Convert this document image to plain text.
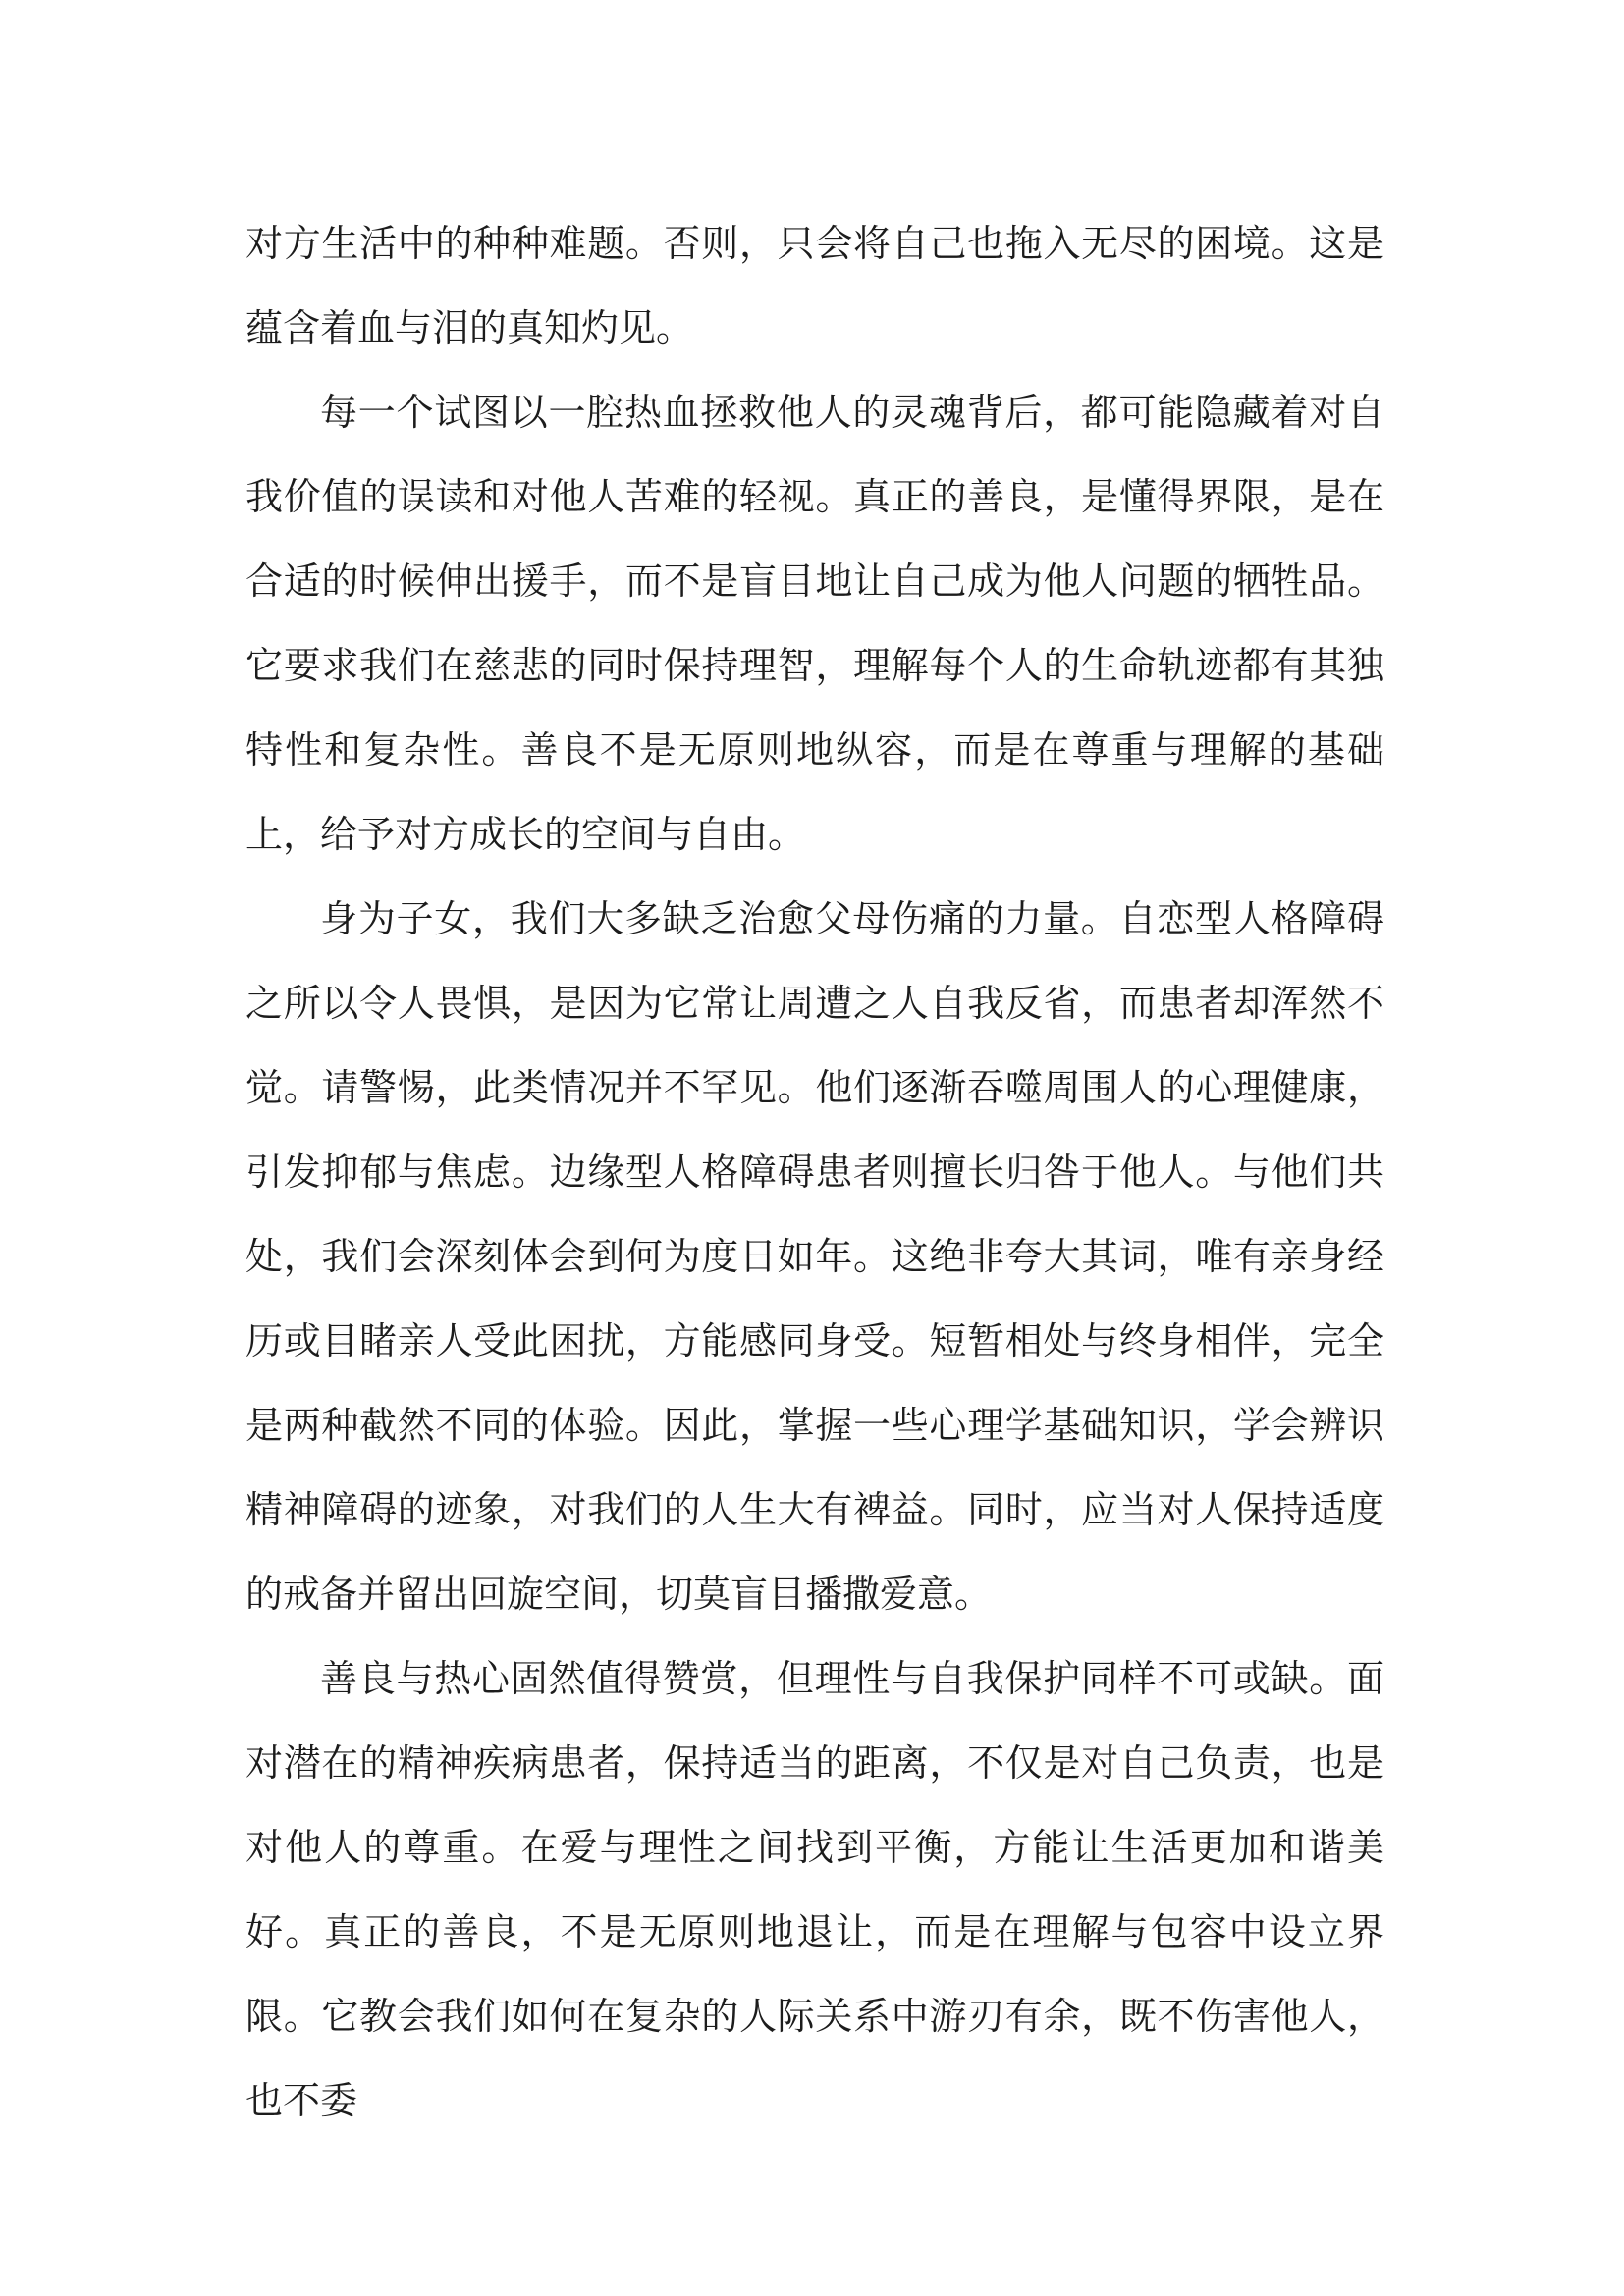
对方生活中的种种难题。否则，只会将自己也拖入无尽的困境。这是蕴含着血与泪的真知灼见。

每一个试图以一腔热血拯救他人的灵魂背后，都可能隐藏着对自我价值的误读和对他人苦难的轻视。真正的善良，是懂得界限，是在合适的时候伸出援手，而不是盲目地让自己成为他人问题的牺牲品。它要求我们在慈悲的同时保持理智，理解每个人的生命轨迹都有其独特性和复杂性。善良不是无原则地纵容，而是在尊重与理解的基础上，给予对方成长的空间与自由。

身为子女，我们大多缺乏治愈父母伤痛的力量。自恋型人格障碍之所以令人畏惧，是因为它常让周遭之人自我反省，而患者却浑然不觉。请警惕，此类情况并不罕见。他们逐渐吞噬周围人的心理健康，引发抑郁与焦虑。边缘型人格障碍患者则擅长归咎于他人。与他们共处，我们会深刻体会到何为度日如年。这绝非夸大其词，唯有亲身经历或目睹亲人受此困扰，方能感同身受。短暂相处与终身相伴，完全是两种截然不同的体验。因此，掌握一些心理学基础知识，学会辨识精神障碍的迹象，对我们的人生大有裨益。同时，应当对人保持适度的戒备并留出回旋空间，切莫盲目播撒爱意。

善良与热心固然值得赞赏，但理性与自我保护同样不可或缺。面对潜在的精神疾病患者，保持适当的距离，不仅是对自己负责，也是对他人的尊重。在爱与理性之间找到平衡，方能让生活更加和谐美好。真正的善良，不是无原则地退让，而是在理解与包容中设立界限。它教会我们如何在复杂的人际关系中游刃有余，既不伤害他人，也不委
